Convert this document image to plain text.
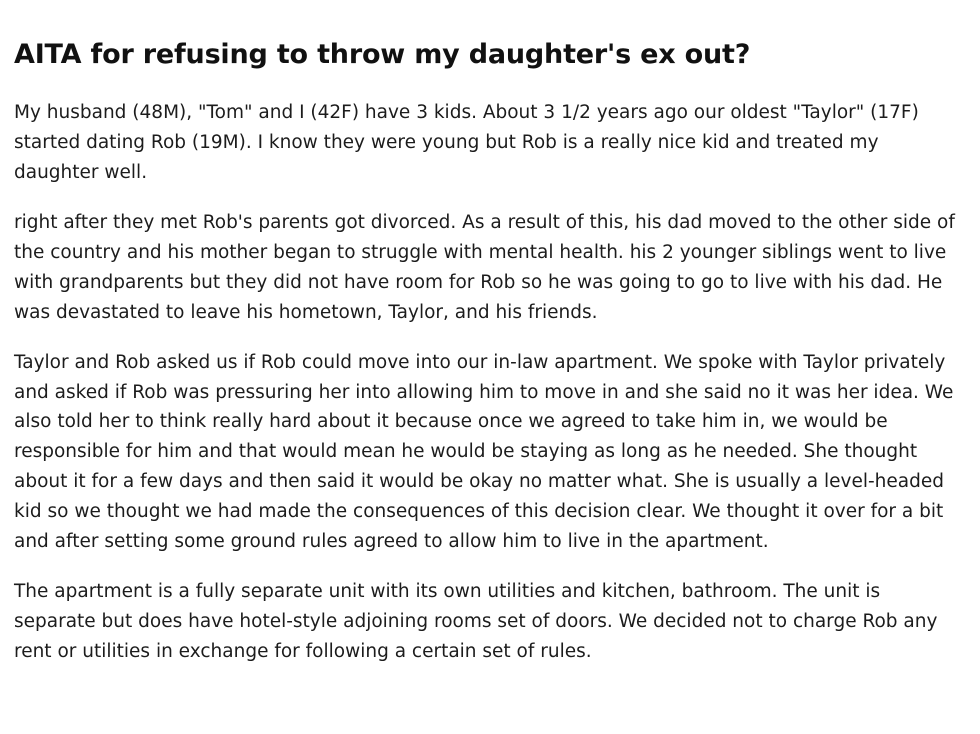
AITA for refusing to throw my daughter's ex out?

My husband (48M), "Tom" and I (42F) have 3 kids. About 3 1/2 years ago our oldest "Taylor" (17F) started dating Rob (19M). I know they were young but Rob is a really nice kid and treated my daughter well.

right after they met Rob's parents got divorced. As a result of this, his dad moved to the other side of the country and his mother began to struggle with mental health. his 2 younger siblings went to live with grandparents but they did not have room for Rob so he was going to go to live with his dad. He was devastated to leave his hometown, Taylor, and his friends.

Taylor and Rob asked us if Rob could move into our in-law apartment. We spoke with Taylor privately and asked if Rob was pressuring her into allowing him to move in and she said no it was her idea. We also told her to think really hard about it because once we agreed to take him in, we would be responsible for him and that would mean he would be staying as long as he needed. She thought about it for a few days and then said it would be okay no matter what. She is usually a level-headed kid so we thought we had made the consequences of this decision clear. We thought it over for a bit and after setting some ground rules agreed to allow him to live in the apartment.

The apartment is a fully separate unit with its own utilities and kitchen, bathroom. The unit is separate but does have hotel-style adjoining rooms set of doors. We decided not to charge Rob any rent or utilities in exchange for following a certain set of rules.
